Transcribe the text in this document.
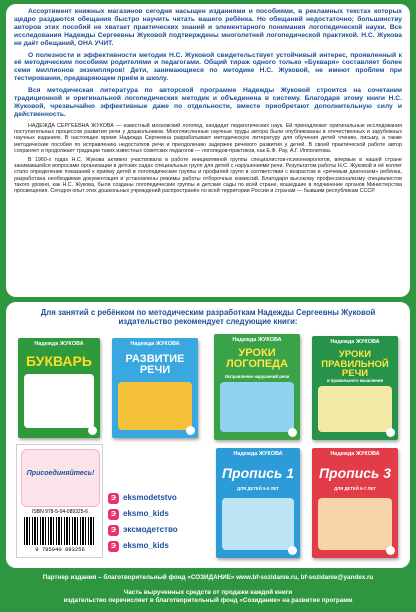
Ассортимент книжных магазинов сегодня насыщен изданиями и пособиями, в рекламных текстах которых щедро раздаются обещания быстро научить читать вашего ребёнка. Но обещаний недостаточно; большинству авторов этих пособий не хватает практических знаний и элементарного понимания логопедической науки. Все исследования Надежды Сергеевны Жуковой подтверждены многолетней логопедической практикой. Н.С. Жукова не даёт обещаний, ОНА УЧИТ.

О полезности и эффективности методик Н.С. Жуковой свидетельствует устойчивый интерес, проявленный к её методическим пособиям родителями и педагогами. Общий тираж одного только «Букваря» составляет более семи миллионов экземпляров! Дети, занимающиеся по методике Н.С. Жуковой, не имеют проблем при тестировании, предваряющем приём в школу.

Вся методическая литература по авторской программе Надежды Жуковой строится на сочетании традиционной и оригинальной логопедических методик и объединена в систему. Благодаря этому книги Н.С. Жуковой, чрезвычайно эффективные даже по отдельности, вместе приобретают дополнительную силу и действенность.

НАДЕЖДА СЕРГЕЕВНА ЖУКОВА — известный московский логопед, кандидат педагогических наук. Ей принадлежат оригинальные исследования поступательных процессов развития речи у дошкольников. Многочисленные научные труды автора были опубликованы в отечественных и зарубежных научных изданиях. В настоящее время Надежда Сергеевна разрабатывает методическую литературу для обучения детей чтению, письму, а также методические пособия по исправлению недостатков речи и преодолению задержек речевого развития у детей. В своей практической работе автор сохраняет и продолжает традиции таких известных советских педагогов — логопедов-практиков, как Е.Ф. Рау, А.Г. Ипполитова.

В 1960-х годах Н.С. Жукова активно участвовала в работе инициативной группы специалистов-психоневрологов, впервые в нашей стране занимавшейся вопросами организации в детских садах специальных групп для детей с нарушениями речи. Результатом работы Н.С. Жуковой и её коллег стало определение показаний к приёму детей в логопедические группы и профилей групп в соответствии с возрастом и «речевым диагнозом» ребёнка, разработана необходимая документация и установлены режимы работы отборочных комиссий. Благодаря высокому профессионализму специалистов такого уровня, как Н.С. Жукова, были созданы логопедические группы и детские сады по всей стране, вошедшие в подчинение органов Министерства просвещения. Сегодня опыт этих дошкольных учреждений распространён по всей территории России и странам — бывшим республикам СССР.

Для занятий с ребёнком по методическим разработкам Надежды Сергеевны Жуковой издательство рекомендует следующие книги:

Надежда ЖУКОВА
БУКВАРЬ
Надежда ЖУКОВА
РАЗВИТИЕ РЕЧИ
Надежда ЖУКОВА
УРОКИ ЛОГОПЕДА
Исправление нарушений речи
Надежда ЖУКОВА
УРОКИ ПРАВИЛЬНОЙ РЕЧИ
и правильного мышления
Надежда ЖУКОВА
Пропись 1
ДЛЯ ДЕТЕЙ 5-6 ЛЕТ
Надежда ЖУКОВА
Пропись 3
ДЛЯ ДЕТЕЙ 6-7 ЛЕТ
Присоединяйтесь!
ISBN 978-5-04-089325-6
9 785040 893256
Э eksmodetstvo
Э eksmo_kids
Э эксмодетство
Э eksmo_kids
Партнер издания – благотворительный фонд «СОЗИДАНИЕ» www.bf-sozidanie.ru, bf-sozidanie@yandex.ru
Часть вырученных средств от продажи каждой книги
издательство перечисляет в благотворительный фонд «Созидание» на развитие программ
